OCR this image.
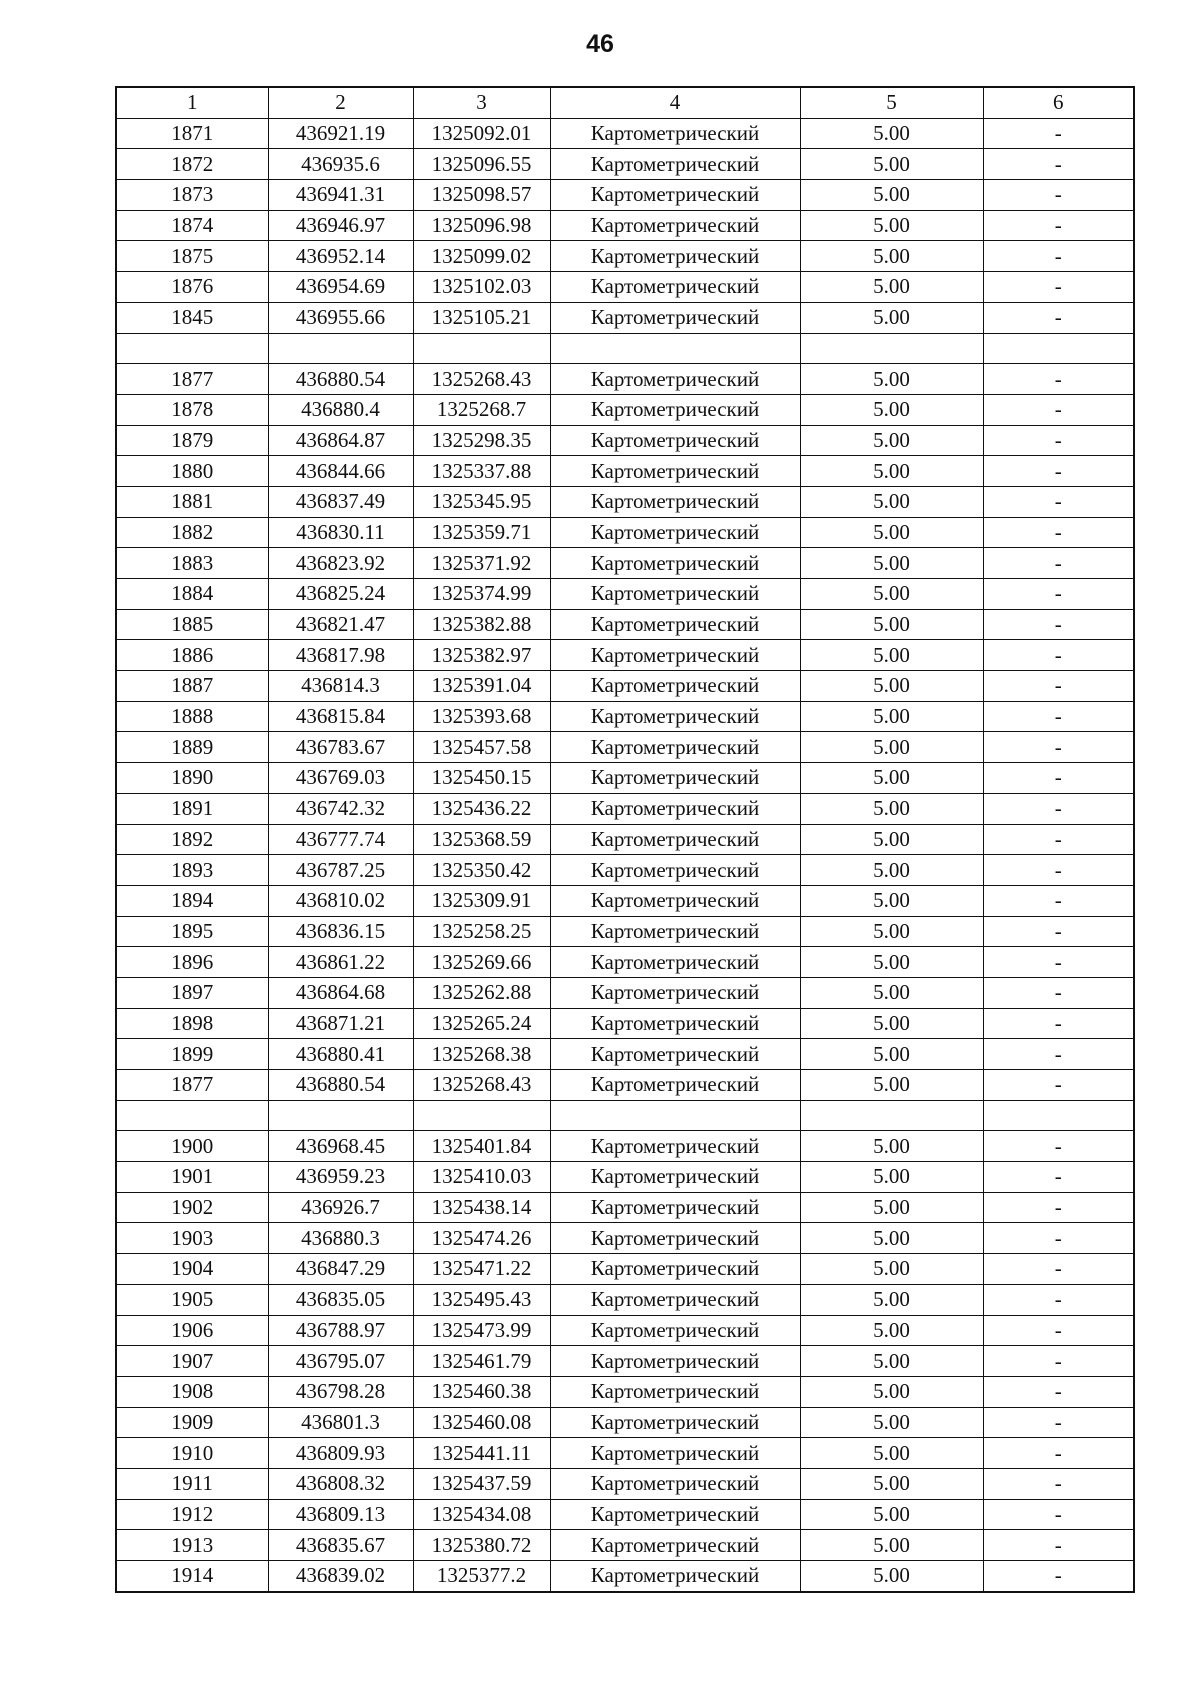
46
1	2	3	4	5	6
1871	436921.19	1325092.01	Картометрический	5.00	-
1872	436935.6	1325096.55	Картометрический	5.00	-
1873	436941.31	1325098.57	Картометрический	5.00	-
1874	436946.97	1325096.98	Картометрический	5.00	-
1875	436952.14	1325099.02	Картометрический	5.00	-
1876	436954.69	1325102.03	Картометрический	5.00	-
1845	436955.66	1325105.21	Картометрический	5.00	-

1877	436880.54	1325268.43	Картометрический	5.00	-
1878	436880.4	1325268.7	Картометрический	5.00	-
1879	436864.87	1325298.35	Картометрический	5.00	-
1880	436844.66	1325337.88	Картометрический	5.00	-
1881	436837.49	1325345.95	Картометрический	5.00	-
1882	436830.11	1325359.71	Картометрический	5.00	-
1883	436823.92	1325371.92	Картометрический	5.00	-
1884	436825.24	1325374.99	Картометрический	5.00	-
1885	436821.47	1325382.88	Картометрический	5.00	-
1886	436817.98	1325382.97	Картометрический	5.00	-
1887	436814.3	1325391.04	Картометрический	5.00	-
1888	436815.84	1325393.68	Картометрический	5.00	-
1889	436783.67	1325457.58	Картометрический	5.00	-
1890	436769.03	1325450.15	Картометрический	5.00	-
1891	436742.32	1325436.22	Картометрический	5.00	-
1892	436777.74	1325368.59	Картометрический	5.00	-
1893	436787.25	1325350.42	Картометрический	5.00	-
1894	436810.02	1325309.91	Картометрический	5.00	-
1895	436836.15	1325258.25	Картометрический	5.00	-
1896	436861.22	1325269.66	Картометрический	5.00	-
1897	436864.68	1325262.88	Картометрический	5.00	-
1898	436871.21	1325265.24	Картометрический	5.00	-
1899	436880.41	1325268.38	Картометрический	5.00	-
1877	436880.54	1325268.43	Картометрический	5.00	-

1900	436968.45	1325401.84	Картометрический	5.00	-
1901	436959.23	1325410.03	Картометрический	5.00	-
1902	436926.7	1325438.14	Картометрический	5.00	-
1903	436880.3	1325474.26	Картометрический	5.00	-
1904	436847.29	1325471.22	Картометрический	5.00	-
1905	436835.05	1325495.43	Картометрический	5.00	-
1906	436788.97	1325473.99	Картометрический	5.00	-
1907	436795.07	1325461.79	Картометрический	5.00	-
1908	436798.28	1325460.38	Картометрический	5.00	-
1909	436801.3	1325460.08	Картометрический	5.00	-
1910	436809.93	1325441.11	Картометрический	5.00	-
1911	436808.32	1325437.59	Картометрический	5.00	-
1912	436809.13	1325434.08	Картометрический	5.00	-
1913	436835.67	1325380.72	Картометрический	5.00	-
1914	436839.02	1325377.2	Картометрический	5.00	-
